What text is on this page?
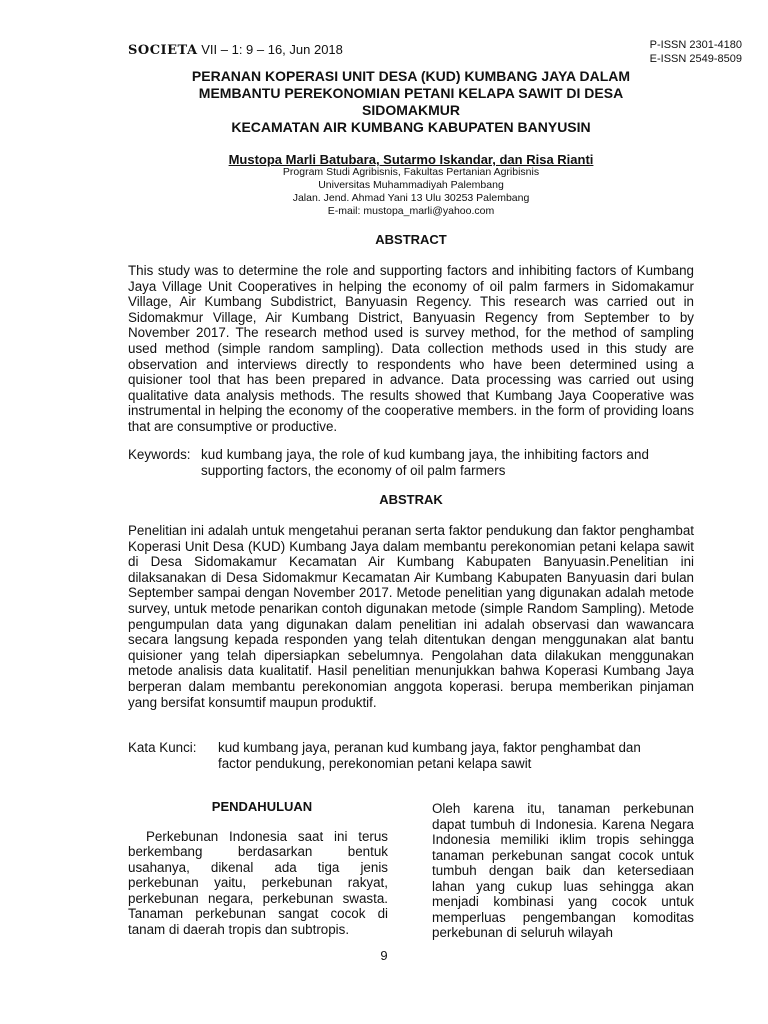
SOCIETA VII – 1: 9 – 16, Jun 2018	P-ISSN 2301-4180
E-ISSN 2549-8509
PERANAN KOPERASI UNIT DESA (KUD) KUMBANG JAYA DALAM
MEMBANTU PEREKONOMIAN PETANI KELAPA SAWIT DI DESA
SIDOMAKMUR
KECAMATAN AIR KUMBANG KABUPATEN BANYUSIN
Mustopa Marli Batubara, Sutarmo Iskandar, dan Risa Rianti
Program Studi Agribisnis, Fakultas Pertanian Agribisnis
Universitas Muhammadiyah Palembang
Jalan. Jend. Ahmad Yani 13 Ulu 30253 Palembang
E-mail: mustopa_marli@yahoo.com
ABSTRACT
This study was to determine the role and supporting factors and inhibiting factors of Kumbang Jaya Village Unit Cooperatives in helping the economy of oil palm farmers in Sidomakamur Village, Air Kumbang Subdistrict, Banyuasin Regency. This research was carried out in Sidomakmur Village, Air Kumbang District, Banyuasin Regency from September to by November 2017. The research method used is survey method, for the method of sampling used method (simple random sampling). Data collection methods used in this study are observation and interviews directly to respondents who have been determined using a quisioner tool that has been prepared in advance. Data processing was carried out using qualitative data analysis methods. The results showed that Kumbang Jaya Cooperative was instrumental in helping the economy of the cooperative members. in the form of providing loans that are consumptive or productive.
Keywords: kud kumbang jaya, the role of kud kumbang jaya, the inhibiting factors and
supporting factors, the economy of oil palm farmers
ABSTRAK
Penelitian ini adalah untuk mengetahui peranan serta faktor pendukung dan faktor penghambat Koperasi Unit Desa (KUD) Kumbang Jaya dalam membantu perekonomian petani kelapa sawit di Desa Sidomakamur Kecamatan Air Kumbang Kabupaten Banyuasin.Penelitian ini dilaksanakan di Desa Sidomakmur Kecamatan Air Kumbang Kabupaten Banyuasin dari bulan September sampai dengan November 2017. Metode penelitian yang digunakan adalah metode survey, untuk metode penarikan contoh digunakan metode (simple Random Sampling). Metode pengumpulan data yang digunakan dalam penelitian ini adalah observasi dan wawancara secara langsung kepada responden yang telah ditentukan dengan menggunakan alat bantu quisioner yang telah dipersiapkan sebelumnya. Pengolahan data dilakukan menggunakan metode analisis data kualitatif. Hasil penelitian menunjukkan bahwa Koperasi Kumbang Jaya berperan dalam membantu perekonomian anggota koperasi. berupa memberikan pinjaman yang bersifat konsumtif maupun produktif.
Kata Kunci: kud kumbang jaya, peranan kud kumbang jaya, faktor penghambat dan
factor pendukung, perekonomian petani kelapa sawit
PENDAHULUAN
Perkebunan Indonesia saat ini terus berkembang berdasarkan bentuk usahanya, dikenal ada tiga jenis perkebunan yaitu, perkebunan rakyat, perkebunan negara, perkebunan swasta. Tanaman perkebunan sangat cocok di tanam di daerah tropis dan subtropis.
Oleh karena itu, tanaman perkebunan dapat tumbuh di Indonesia. Karena Negara Indonesia memiliki iklim tropis sehingga tanaman perkebunan sangat cocok untuk tumbuh dengan baik dan ketersediaan lahan yang cukup luas sehingga akan menjadi kombinasi yang cocok untuk memperluas pengembangan komoditas perkebunan di seluruh wilayah
9
